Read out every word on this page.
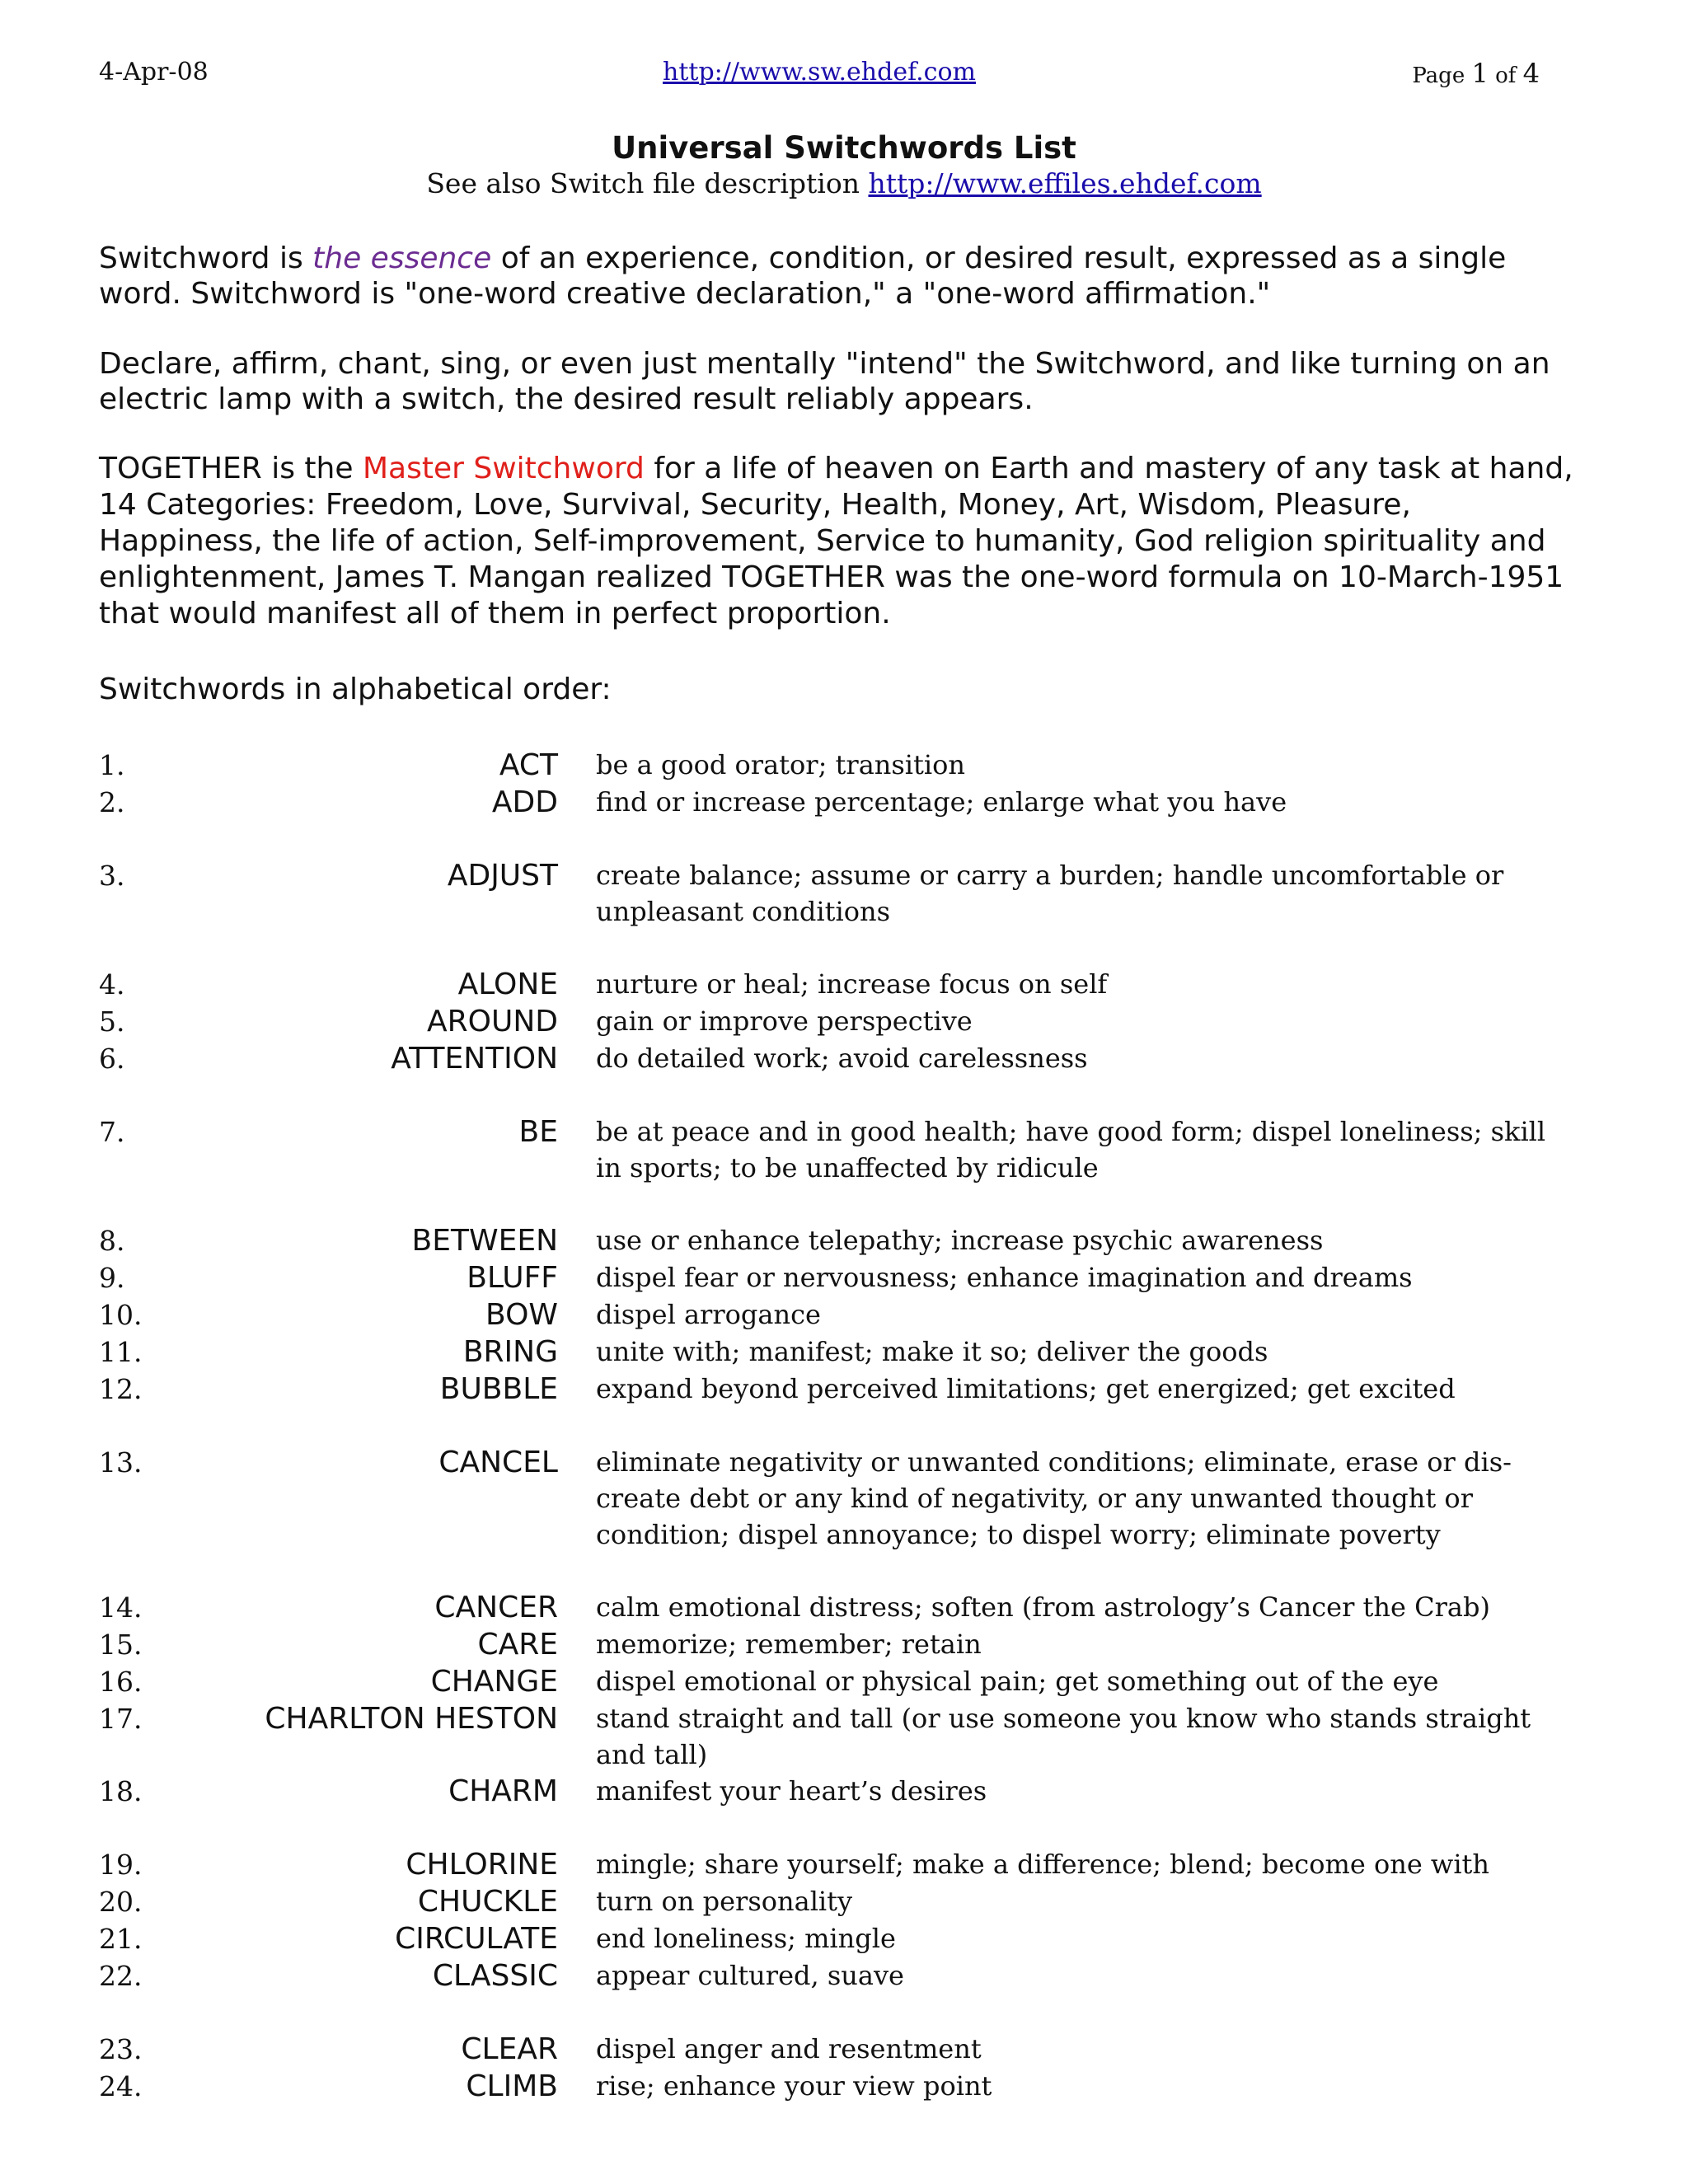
4-Apr-08	http://www.sw.ehdef.com	Page 1 of 4
Universal Switchwords List
See also Switch file description http://www.effiles.ehdef.com

Switchword is the essence of an experience, condition, or desired result, expressed as a single word. Switchword is "one-word creative declaration," a "one-word affirmation."

Declare, affirm, chant, sing, or even just mentally "intend" the Switchword, and like turning on an electric lamp with a switch, the desired result reliably appears.

TOGETHER is the Master Switchword for a life of heaven on Earth and mastery of any task at hand, 14 Categories: Freedom, Love, Survival, Security, Health, Money, Art, Wisdom, Pleasure, Happiness, the life of action, Self-improvement, Service to humanity, God religion spirituality and enlightenment, James T. Mangan realized TOGETHER was the one-word formula on 10-March-1951 that would manifest all of them in perfect proportion.

Switchwords in alphabetical order:

1.	ACT be a good orator; transition
2.	ADD find or increase percentage; enlarge what you have
3.	ADJUST create balance; assume or carry a burden; handle uncomfortable or unpleasant conditions
4.	ALONE nurture or heal; increase focus on self
5.	AROUND gain or improve perspective
6.	ATTENTION do detailed work; avoid carelessness
7.	BE be at peace and in good health; have good form; dispel loneliness; skill in sports; to be unaffected by ridicule
8.	BETWEEN use or enhance telepathy; increase psychic awareness
9.	BLUFF dispel fear or nervousness; enhance imagination and dreams
10.	BOW dispel arrogance
11.	BRING unite with; manifest; make it so; deliver the goods
12.	BUBBLE expand beyond perceived limitations; get energized; get excited
13.	CANCEL eliminate negativity or unwanted conditions; eliminate, erase or dis-create debt or any kind of negativity, or any unwanted thought or condition; dispel annoyance; to dispel worry; eliminate poverty
14.	CANCER calm emotional distress; soften (from astrology’s Cancer the Crab)
15.	CARE memorize; remember; retain
16.	CHANGE dispel emotional or physical pain; get something out of the eye
17.	CHARLTON HESTON stand straight and tall (or use someone you know who stands straight and tall)
18.	CHARM manifest your heart’s desires
19.	CHLORINE mingle; share yourself; make a difference; blend; become one with
20.	CHUCKLE turn on personality
21.	CIRCULATE end loneliness; mingle
22.	CLASSIC appear cultured, suave
23.	CLEAR dispel anger and resentment
24.	CLIMB rise; enhance your view point
